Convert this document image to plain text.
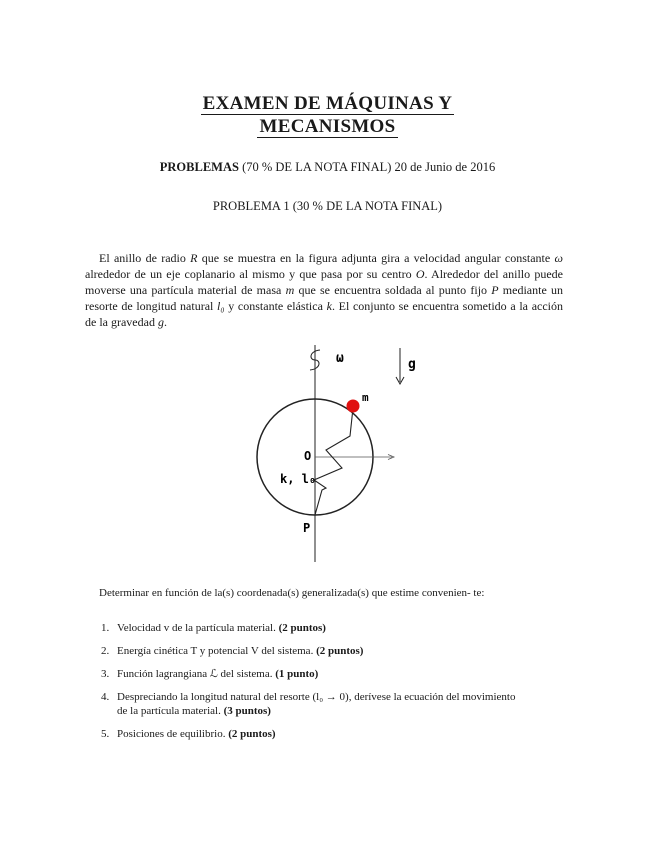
EXAMEN DE MÁQUINAS Y
MECANISMOS
PROBLEMAS (70 % DE LA NOTA FINAL) 20 de Junio de 2016
PROBLEMA 1 (30 % DE LA NOTA FINAL)

El anillo de radio R que se muestra en la figura adjunta gira a velocidad angular constante ω alrededor de un eje coplanario al mismo y que pasa por su centro O. Alrededor del anillo puede moverse una partícula material de masa m que se encuentra soldada al punto fijo P mediante un resorte de longitud natural l₀ y constante elástica k. El conjunto se encuentra sometido a la acción de la gravedad g.

ω	g
m
O
k, l₀
P

Determinar en función de la(s) coordenada(s) generalizada(s) que estime convenien- te:

1. Velocidad v de la partícula material. (2 puntos)
2. Energía cinética T y potencial V del sistema. (2 puntos)
3. Función lagrangiana ℒ del sistema. (1 punto)
4. Despreciando la longitud natural del resorte (l₀ → 0), derívese la ecuación del movimiento de la partícula material. (3 puntos)
5. Posiciones de equilibrio. (2 puntos)
